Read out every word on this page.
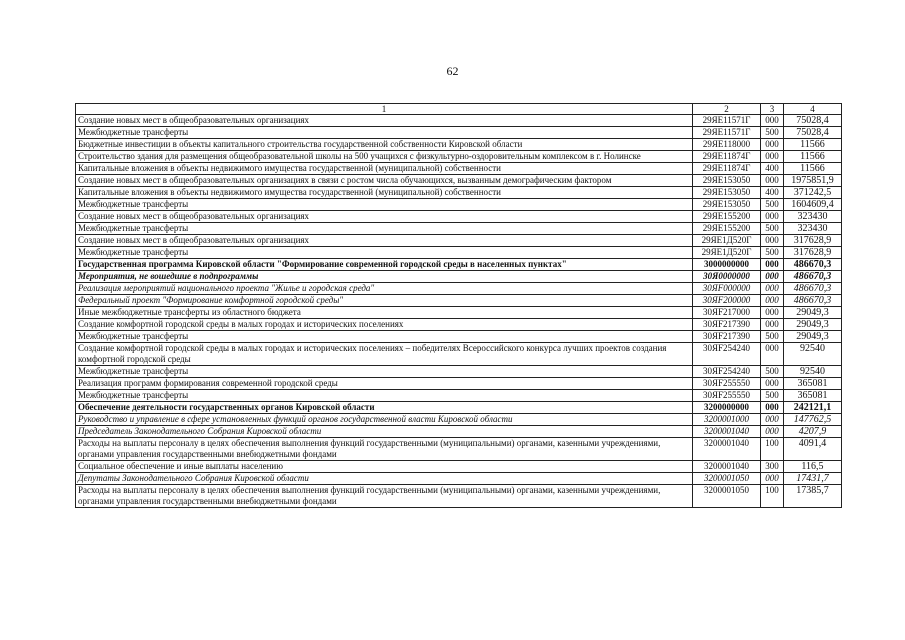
62
1	2	3	4
Создание новых мест в общеобразовательных организациях	29ЯE11571Г	000	75028,4
Межбюджетные трансферты	29ЯE11571Г	500	75028,4
Бюджетные инвестиции в объекты капитального строительства государственной собственности Кировской области	29ЯE118000	000	11566
Строительство здания для размещения общеобразовательной школы на 500 учащихся с физкультурно-оздоровительным комплексом в г. Нолинске	29ЯE11874Г	000	11566
Капитальные вложения в объекты недвижимого имущества государственной (муниципальной) собственности	29ЯE11874Г	400	11566
Создание новых мест в общеобразовательных организациях в связи с ростом числа обучающихся, вызванным демографическим фактором	29ЯE153050	000	1975851,9
Капитальные вложения в объекты недвижимого имущества государственной (муниципальной) собственности	29ЯE153050	400	371242,5
Межбюджетные трансферты	29ЯE153050	500	1604609,4
Создание новых мест в общеобразовательных организациях	29ЯE155200	000	323430
Межбюджетные трансферты	29ЯE155200	500	323430
Создание новых мест в общеобразовательных организациях	29ЯE1Д520Г	000	317628,9
Межбюджетные трансферты	29ЯE1Д520Г	500	317628,9
Государственная программа Кировской области "Формирование современной городской среды в населенных пунктах"	3000000000	000	486670,3
Мероприятия, не вошедшие в подпрограммы	30Я0000000	000	486670,3
Реализация мероприятий национального проекта "Жилье и городская среда"	30ЯF000000	000	486670,3
Федеральный проект "Формирование комфортной городской среды"	30ЯF200000	000	486670,3
Иные межбюджетные трансферты из областного бюджета	30ЯF217000	000	29049,3
Создание комфортной городской среды в малых городах и исторических поселениях	30ЯF217390	000	29049,3
Межбюджетные трансферты	30ЯF217390	500	29049,3
Создание комфортной городской среды в малых городах и исторических поселениях – победителях Всероссийского конкурса лучших проектов создания комфортной городской среды	30ЯF254240	000	92540
Межбюджетные трансферты	30ЯF254240	500	92540
Реализация программ формирования современной городской среды	30ЯF255550	000	365081
Межбюджетные трансферты	30ЯF255550	500	365081
Обеспечение деятельности государственных органов Кировской области	3200000000	000	242121,1
Руководство и управление в сфере установленных функций органов государственной власти Кировской области	3200001000	000	147762,5
Председатель Законодательного Собрания Кировской области	3200001040	000	4207,9
Расходы на выплаты персоналу в целях обеспечения выполнения функций государственными (муниципальными) органами, казенными учреждениями, органами управления государственными внебюджетными фондами	3200001040	100	4091,4
Социальное обеспечение и иные выплаты населению	3200001040	300	116,5
Депутаты Законодательного Собрания Кировской области	3200001050	000	17431,7
Расходы на выплаты персоналу в целях обеспечения выполнения функций государственными (муниципальными) органами, казенными учреждениями, органами управления государственными внебюджетными фондами	3200001050	100	17385,7
